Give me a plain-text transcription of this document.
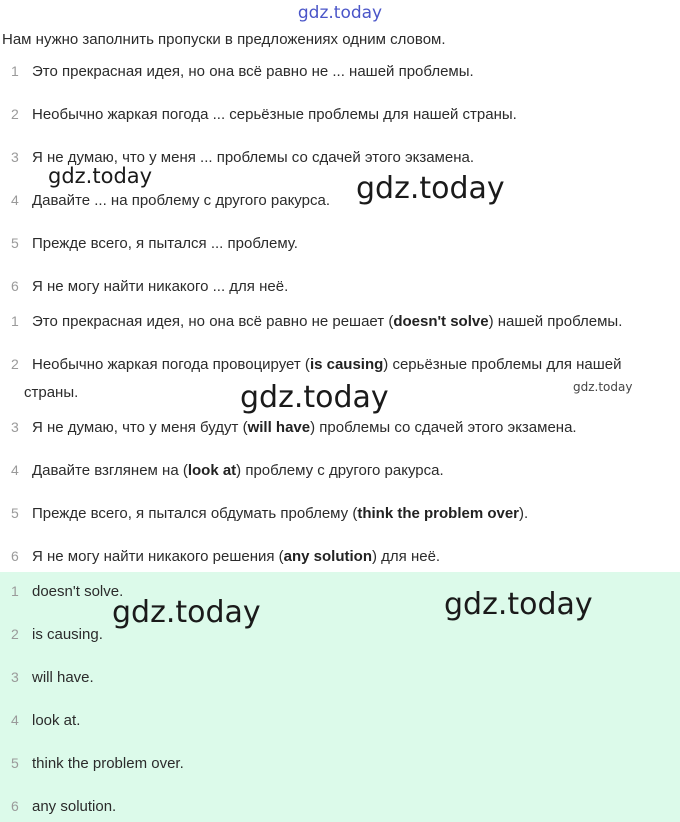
gdz.today
Нам нужно заполнить пропуски в предложениях одним словом.
1 Это прекрасная идея, но она всё равно не ... нашей проблемы.
2 Необычно жаркая погода ... серьёзные проблемы для нашей страны.
3 Я не думаю, что у меня ... проблемы со сдачей этого экзамена.
4 Давайте ... на проблему с другого ракурса.
5 Прежде всего, я пытался ... проблему.
6 Я не могу найти никакого ... для неё.
1 Это прекрасная идея, но она всё равно не решает (doesn't solve) нашей проблемы.
2 Необычно жаркая погода провоцирует (is causing) серьёзные проблемы для нашей
страны.
3 Я не думаю, что у меня будут (will have) проблемы со сдачей этого экзамена.
4 Давайте взглянем на (look at) проблему с другого ракурса.
5 Прежде всего, я пытался обдумать проблему (think the problem over).
6 Я не могу найти никакого решения (any solution) для неё.
1 doesn't solve.
2 is causing.
3 will have.
4 look at.
5 think the problem over.
6 any solution.
gdz.today	gdz.today
gdz.today
gdz.today
gdz.today	gdz.today
